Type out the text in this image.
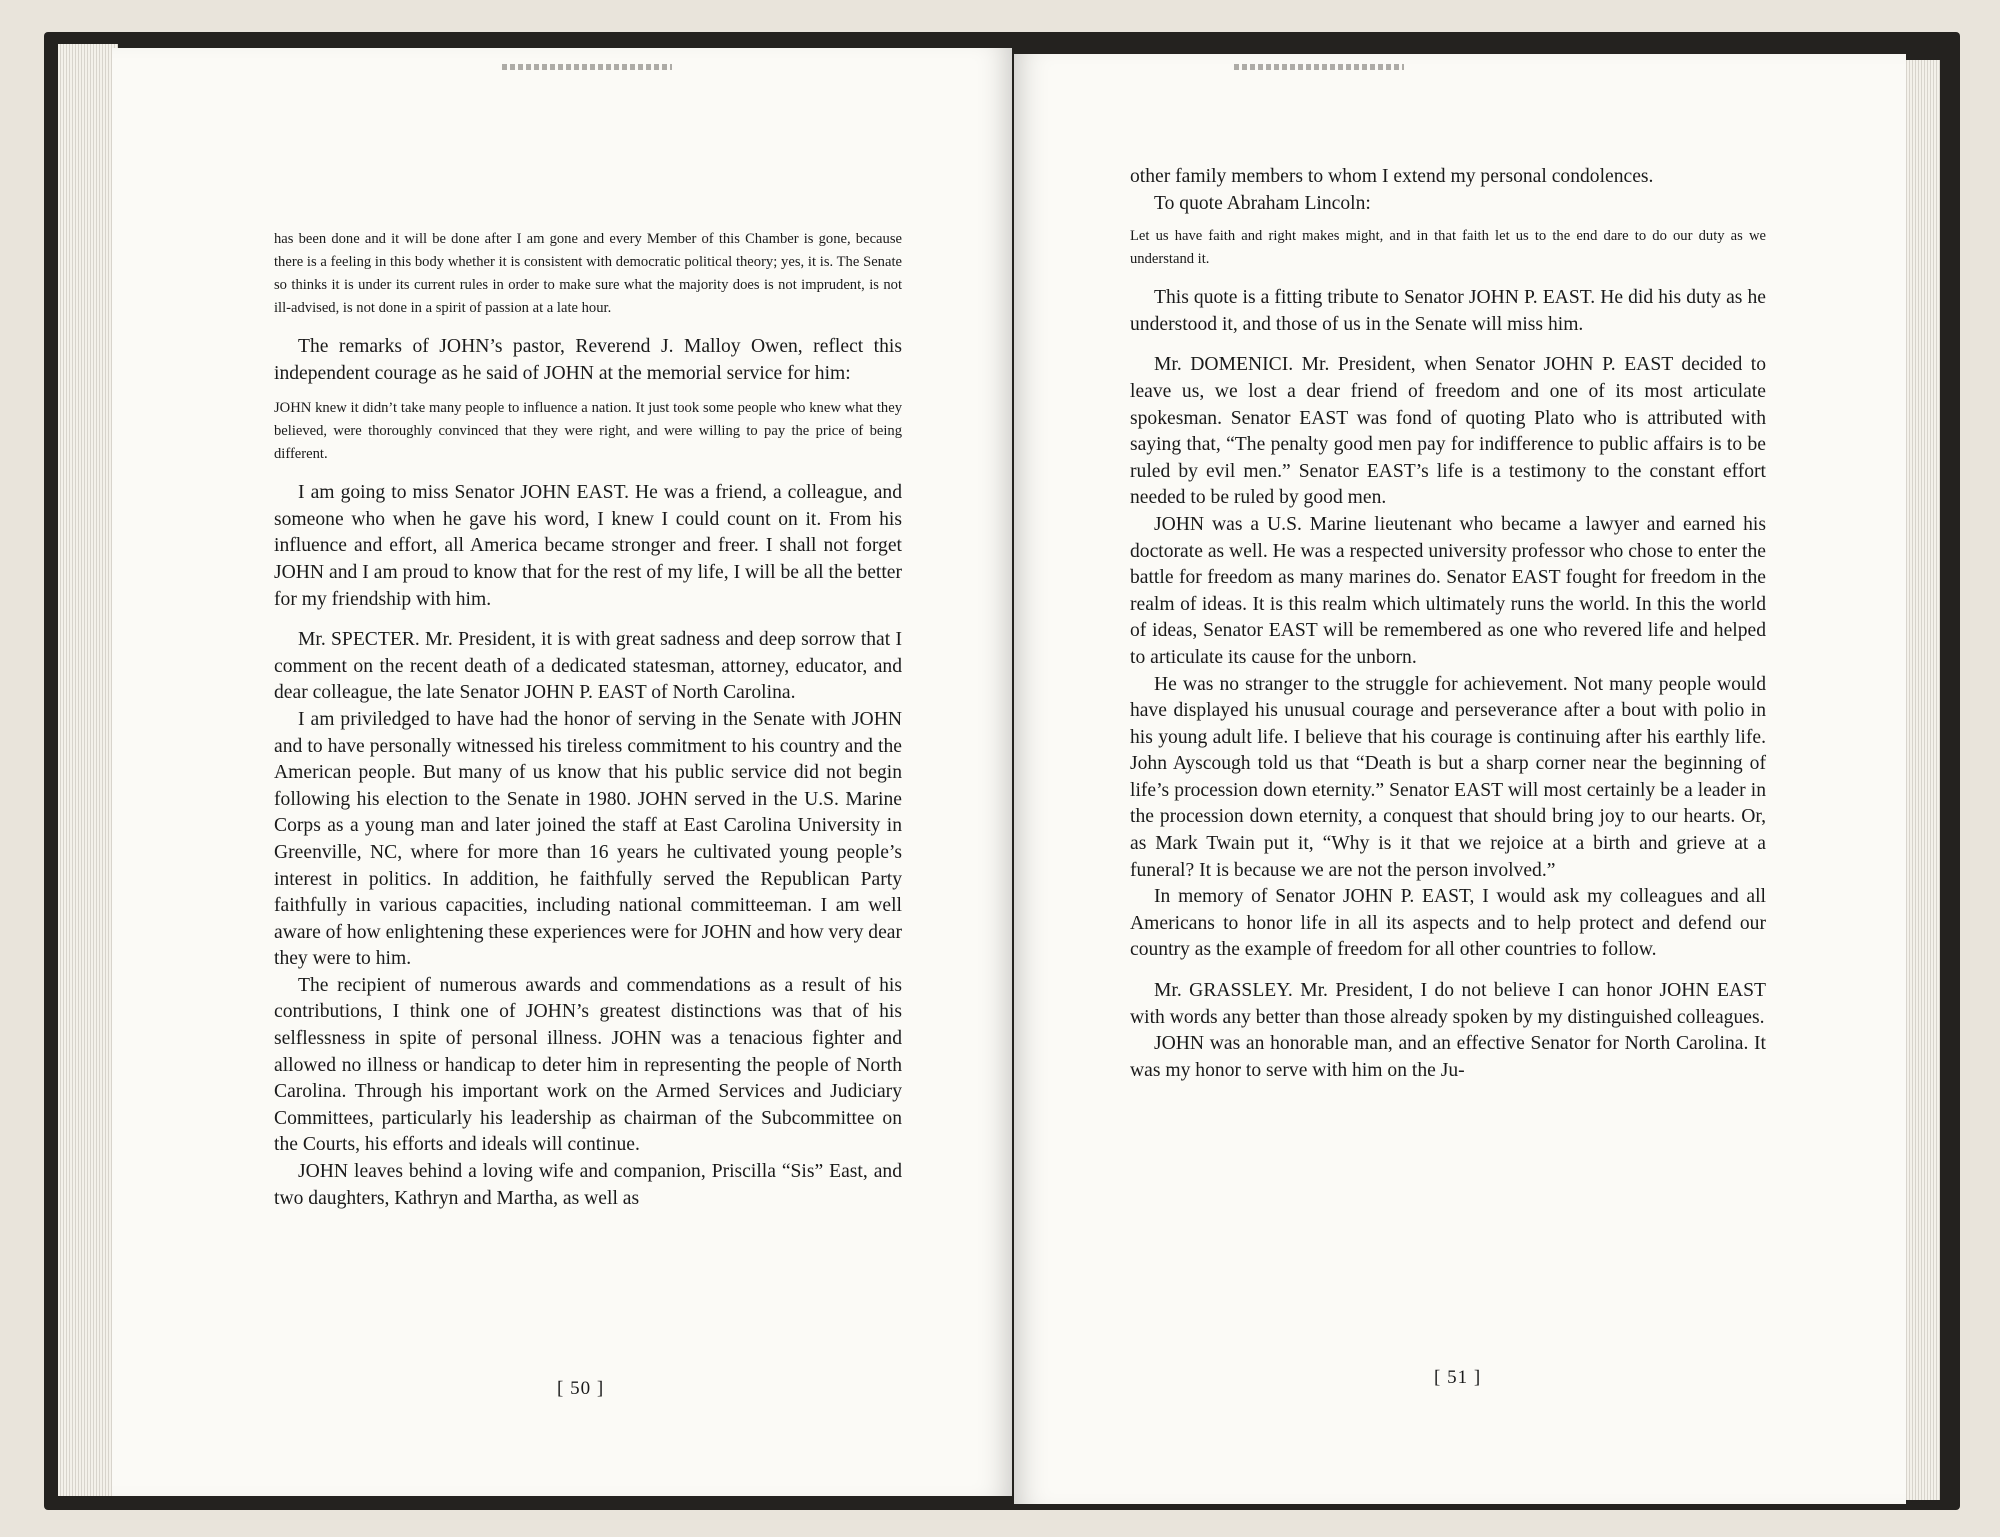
has been done and it will be done after I am gone and every Member of this Chamber is gone, because there is a feeling in this body whether it is consistent with democratic political theory; yes, it is. The Senate so thinks it is under its current rules in order to make sure what the majority does is not imprudent, is not ill-advised, is not done in a spirit of passion at a late hour.

The remarks of JOHN’s pastor, Reverend J. Malloy Owen, reflect this independent courage as he said of JOHN at the memorial service for him:

JOHN knew it didn’t take many people to influence a nation. It just took some people who knew what they believed, were thoroughly convinced that they were right, and were willing to pay the price of being different.

I am going to miss Senator JOHN EAST. He was a friend, a colleague, and someone who when he gave his word, I knew I could count on it. From his influence and effort, all America became stronger and freer. I shall not forget JOHN and I am proud to know that for the rest of my life, I will be all the better for my friendship with him.

Mr. SPECTER. Mr. President, it is with great sadness and deep sorrow that I comment on the recent death of a dedicated statesman, attorney, educator, and dear colleague, the late Senator JOHN P. EAST of North Carolina.

I am priviledged to have had the honor of serving in the Senate with JOHN and to have personally witnessed his tireless commitment to his country and the American people. But many of us know that his public service did not begin following his election to the Senate in 1980. JOHN served in the U.S. Marine Corps as a young man and later joined the staff at East Carolina University in Greenville, NC, where for more than 16 years he cultivated young people’s interest in politics. In addition, he faithfully served the Republican Party faithfully in various capacities, including national committeeman. I am well aware of how enlightening these experiences were for JOHN and how very dear they were to him.

The recipient of numerous awards and commendations as a result of his contributions, I think one of JOHN’s greatest distinctions was that of his selflessness in spite of personal illness. JOHN was a tenacious fighter and allowed no illness or handicap to deter him in representing the people of North Carolina. Through his important work on the Armed Services and Judiciary Committees, particularly his leadership as chairman of the Subcommittee on the Courts, his efforts and ideals will continue.

JOHN leaves behind a loving wife and companion, Priscilla “Sis” East, and two daughters, Kathryn and Martha, as well as

[ 50 ]

other family members to whom I extend my personal condolences.

To quote Abraham Lincoln:

Let us have faith and right makes might, and in that faith let us to the end dare to do our duty as we understand it.

This quote is a fitting tribute to Senator JOHN P. EAST. He did his duty as he understood it, and those of us in the Senate will miss him.

Mr. DOMENICI. Mr. President, when Senator JOHN P. EAST decided to leave us, we lost a dear friend of freedom and one of its most articulate spokesman. Senator EAST was fond of quoting Plato who is attributed with saying that, “The penalty good men pay for indifference to public affairs is to be ruled by evil men.” Senator EAST’s life is a testimony to the constant effort needed to be ruled by good men.

JOHN was a U.S. Marine lieutenant who became a lawyer and earned his doctorate as well. He was a respected university professor who chose to enter the battle for freedom as many marines do. Senator EAST fought for freedom in the realm of ideas. It is this realm which ultimately runs the world. In this the world of ideas, Senator EAST will be remembered as one who revered life and helped to articulate its cause for the unborn.

He was no stranger to the struggle for achievement. Not many people would have displayed his unusual courage and perseverance after a bout with polio in his young adult life. I believe that his courage is continuing after his earthly life. John Ayscough told us that “Death is but a sharp corner near the beginning of life’s procession down eternity.” Senator EAST will most certainly be a leader in the procession down eternity, a conquest that should bring joy to our hearts. Or, as Mark Twain put it, “Why is it that we rejoice at a birth and grieve at a funeral? It is because we are not the person involved.”

In memory of Senator JOHN P. EAST, I would ask my colleagues and all Americans to honor life in all its aspects and to help protect and defend our country as the example of freedom for all other countries to follow.

Mr. GRASSLEY. Mr. President, I do not believe I can honor JOHN EAST with words any better than those already spoken by my distinguished colleagues.

JOHN was an honorable man, and an effective Senator for North Carolina. It was my honor to serve with him on the Ju-

[ 51 ]
